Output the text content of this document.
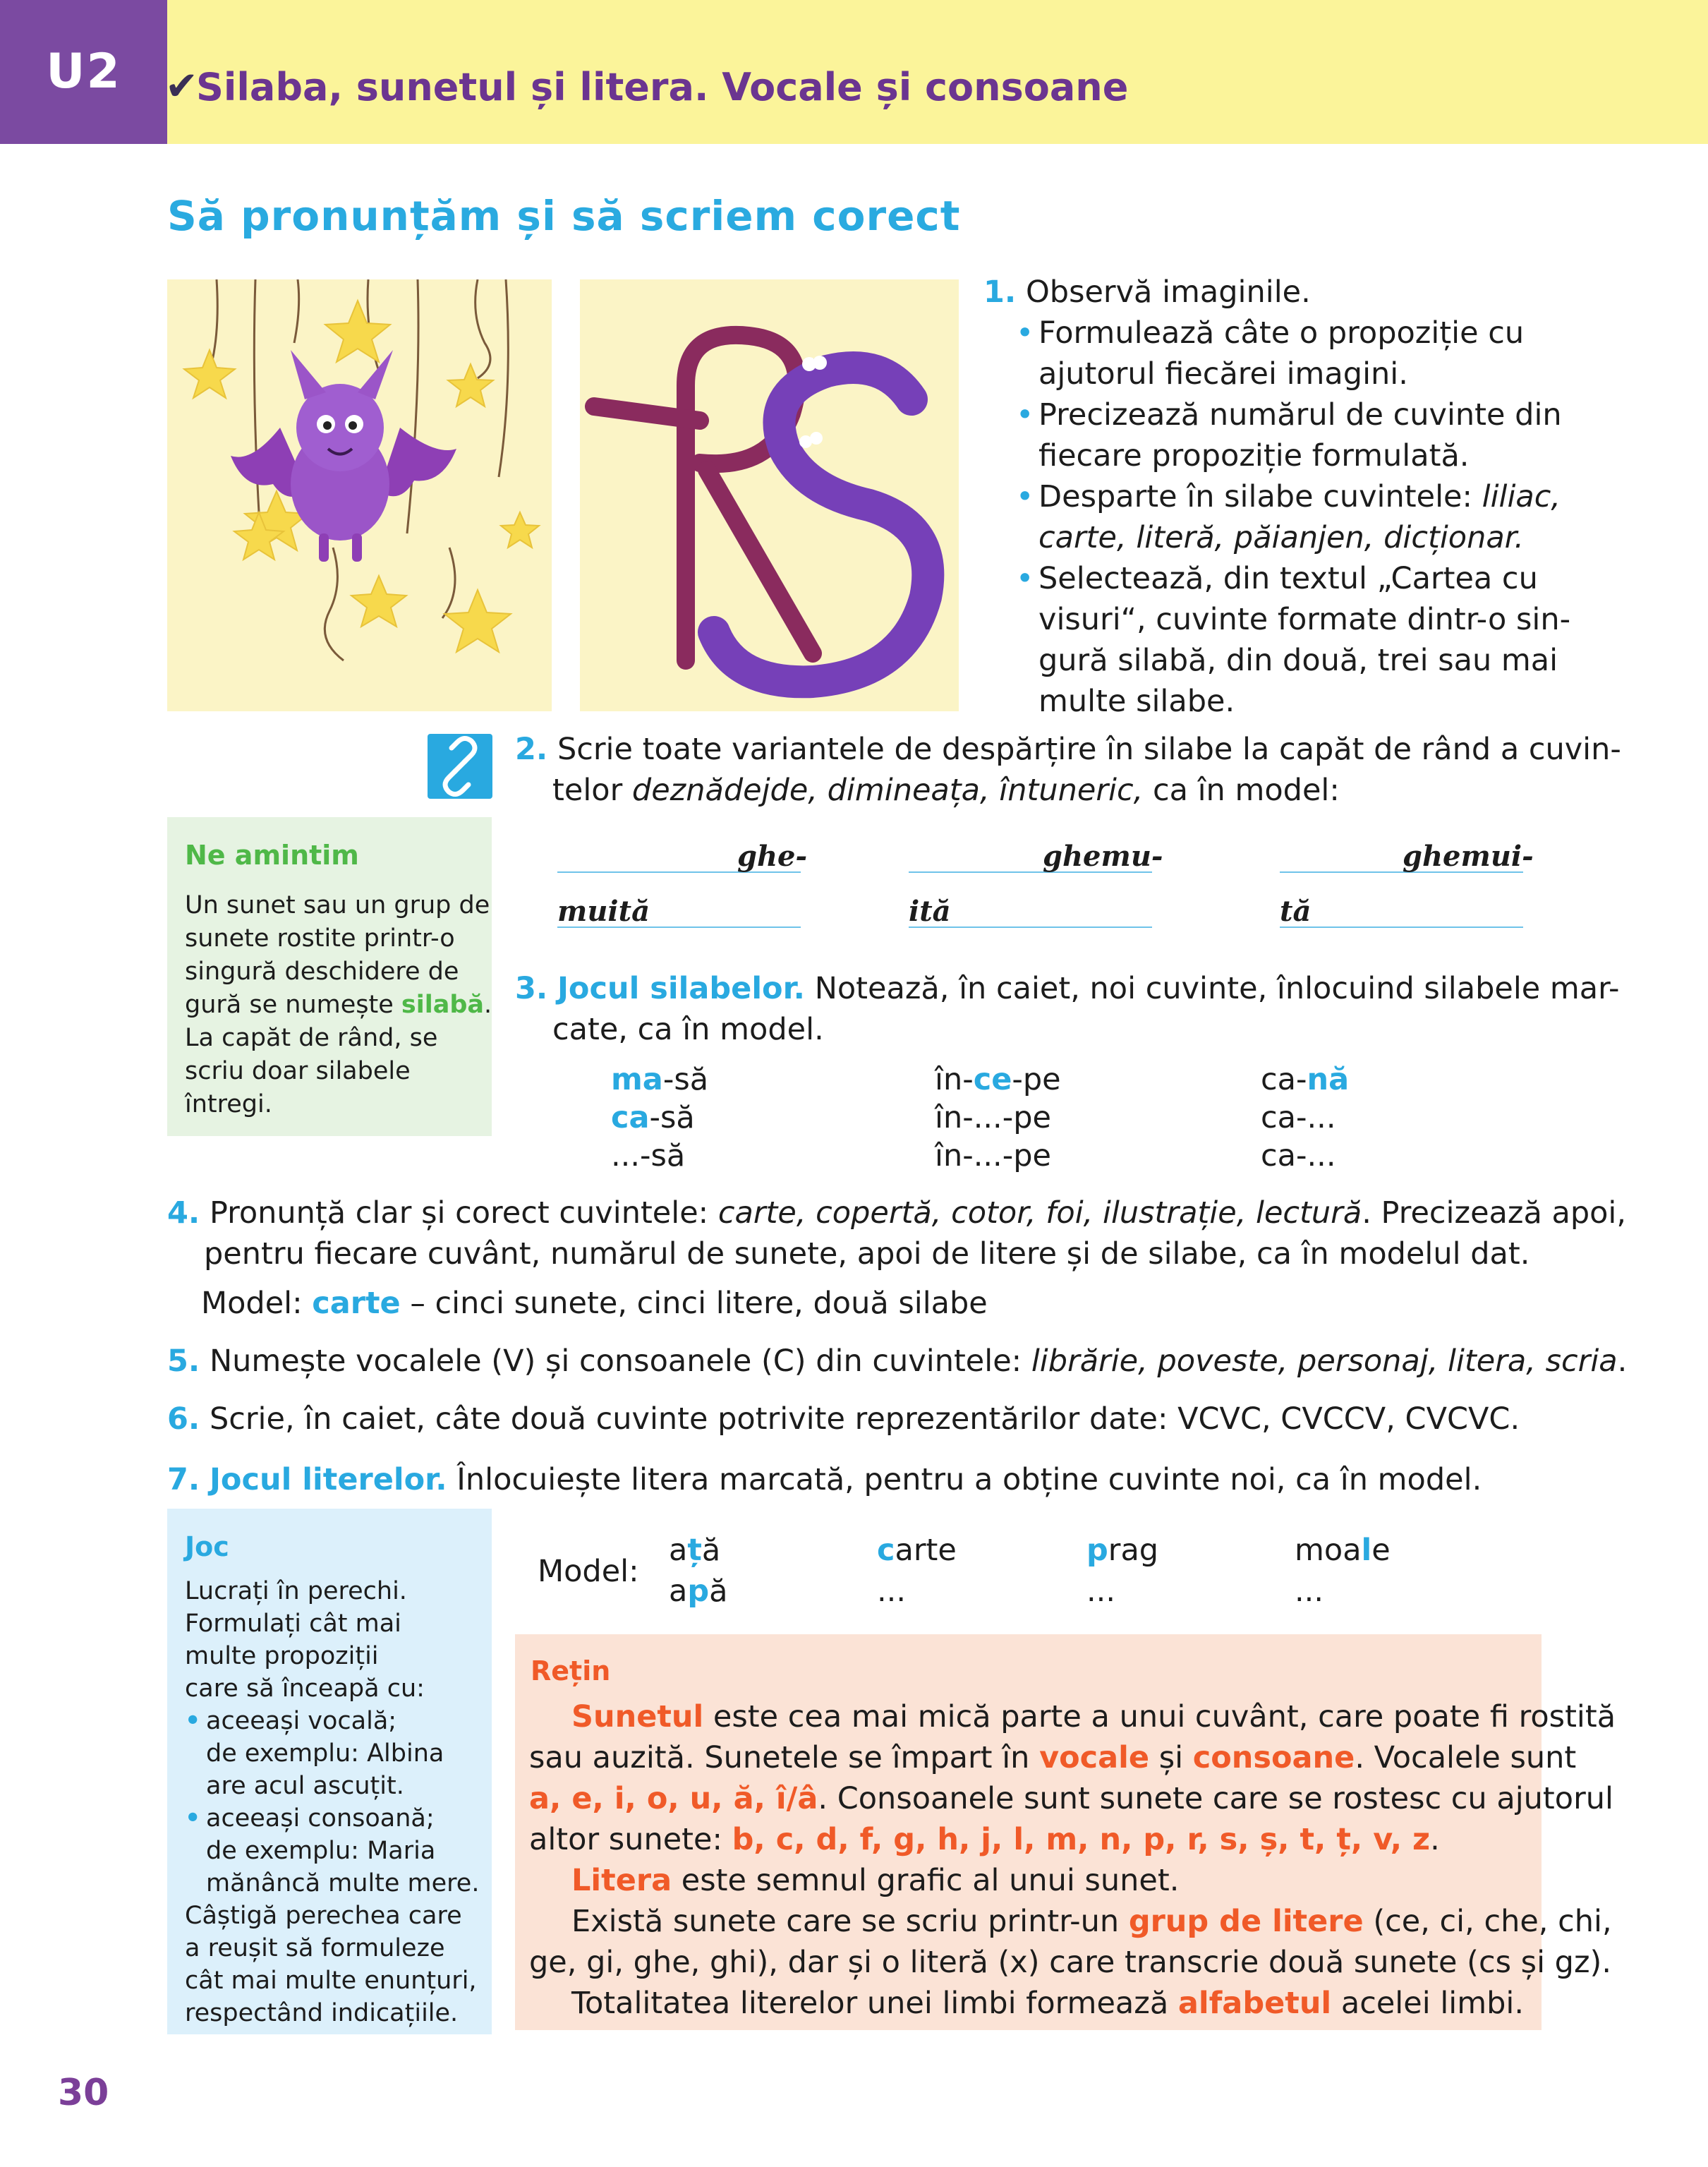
U2	✔
Silaba, sunetul și litera. Vocale și consoane
Să pronunțăm și să scriem corect
1. Observă imaginile.
• Formulează câte o propoziție cu
ajutorul fiecărei imagini.
• Precizează numărul de cuvinte din
fiecare propoziție formulată.
• Desparte în silabe cuvintele: liliac,
carte, literă, păianjen, dicționar.
• Selectează, din textul „Cartea cu
visuri“, cuvinte formate dintr-o sin-
gură silabă, din două, trei sau mai
multe silabe.
2. Scrie toate variantele de despărțire în silabe la capăt de rând a cuvin-
telor deznădejde, dimineața, întuneric, ca în model:
ghe-
muită
ghemu-
ită
ghemui-
tă
Ne amintim
Un sunet sau un grup de
sunete rostite printr-o
singură deschidere de
gură se numește silabă.
La capăt de rând, se
scriu doar silabele
întregi.
3. Jocul silabelor. Notează, în caiet, noi cuvinte, înlocuind silabele mar-
cate, ca în model.
ma-să
ca-să
...-să
în-ce-pe
în-...-pe
în-...-pe
ca-nă
ca-...
ca-...
4. Pronunță clar și corect cuvintele: carte, copertă, cotor, foi, ilustrație, lectură. Precizează apoi,
pentru fiecare cuvânt, numărul de sunete, apoi de litere și de silabe, ca în modelul dat.
Model: carte – cinci sunete, cinci litere, două silabe
5. Numește vocalele (V) și consoanele (C) din cuvintele: librărie, poveste, personaj, litera, scria.
6. Scrie, în caiet, câte două cuvinte potrivite reprezentărilor date: VCVC, CVCCV, CVCVC.
7. Jocul literelor. Înlocuiește litera marcată, pentru a obține cuvinte noi, ca în model.
Model:
ață
apă
carte
...
prag
...
moale
...
Joc
Lucrați în perechi.
Formulați cât mai
multe propoziții
care să înceapă cu:
• aceeași vocală;
de exemplu: Albina
are acul ascuțit.
• aceeași consoană;
de exemplu: Maria
mănâncă multe mere.
Câștigă perechea care
a reușit să formuleze
cât mai multe enunțuri,
respectând indicațiile.
Rețin
Sunetul este cea mai mică parte a unui cuvânt, care poate fi rostită
sau auzită. Sunetele se împart în vocale și consoane. Vocalele sunt
a, e, i, o, u, ă, î/â. Consoanele sunt sunete care se rostesc cu ajutorul
altor sunete: b, c, d, f, g, h, j, l, m, n, p, r, s, ș, t, ț, v, z.
Litera este semnul grafic al unui sunet.
Există sunete care se scriu printr-un grup de litere (ce, ci, che, chi,
ge, gi, ghe, ghi), dar și o literă (x) care transcrie două sunete (cs și gz).
Totalitatea literelor unei limbi formează alfabetul acelei limbi.
30
